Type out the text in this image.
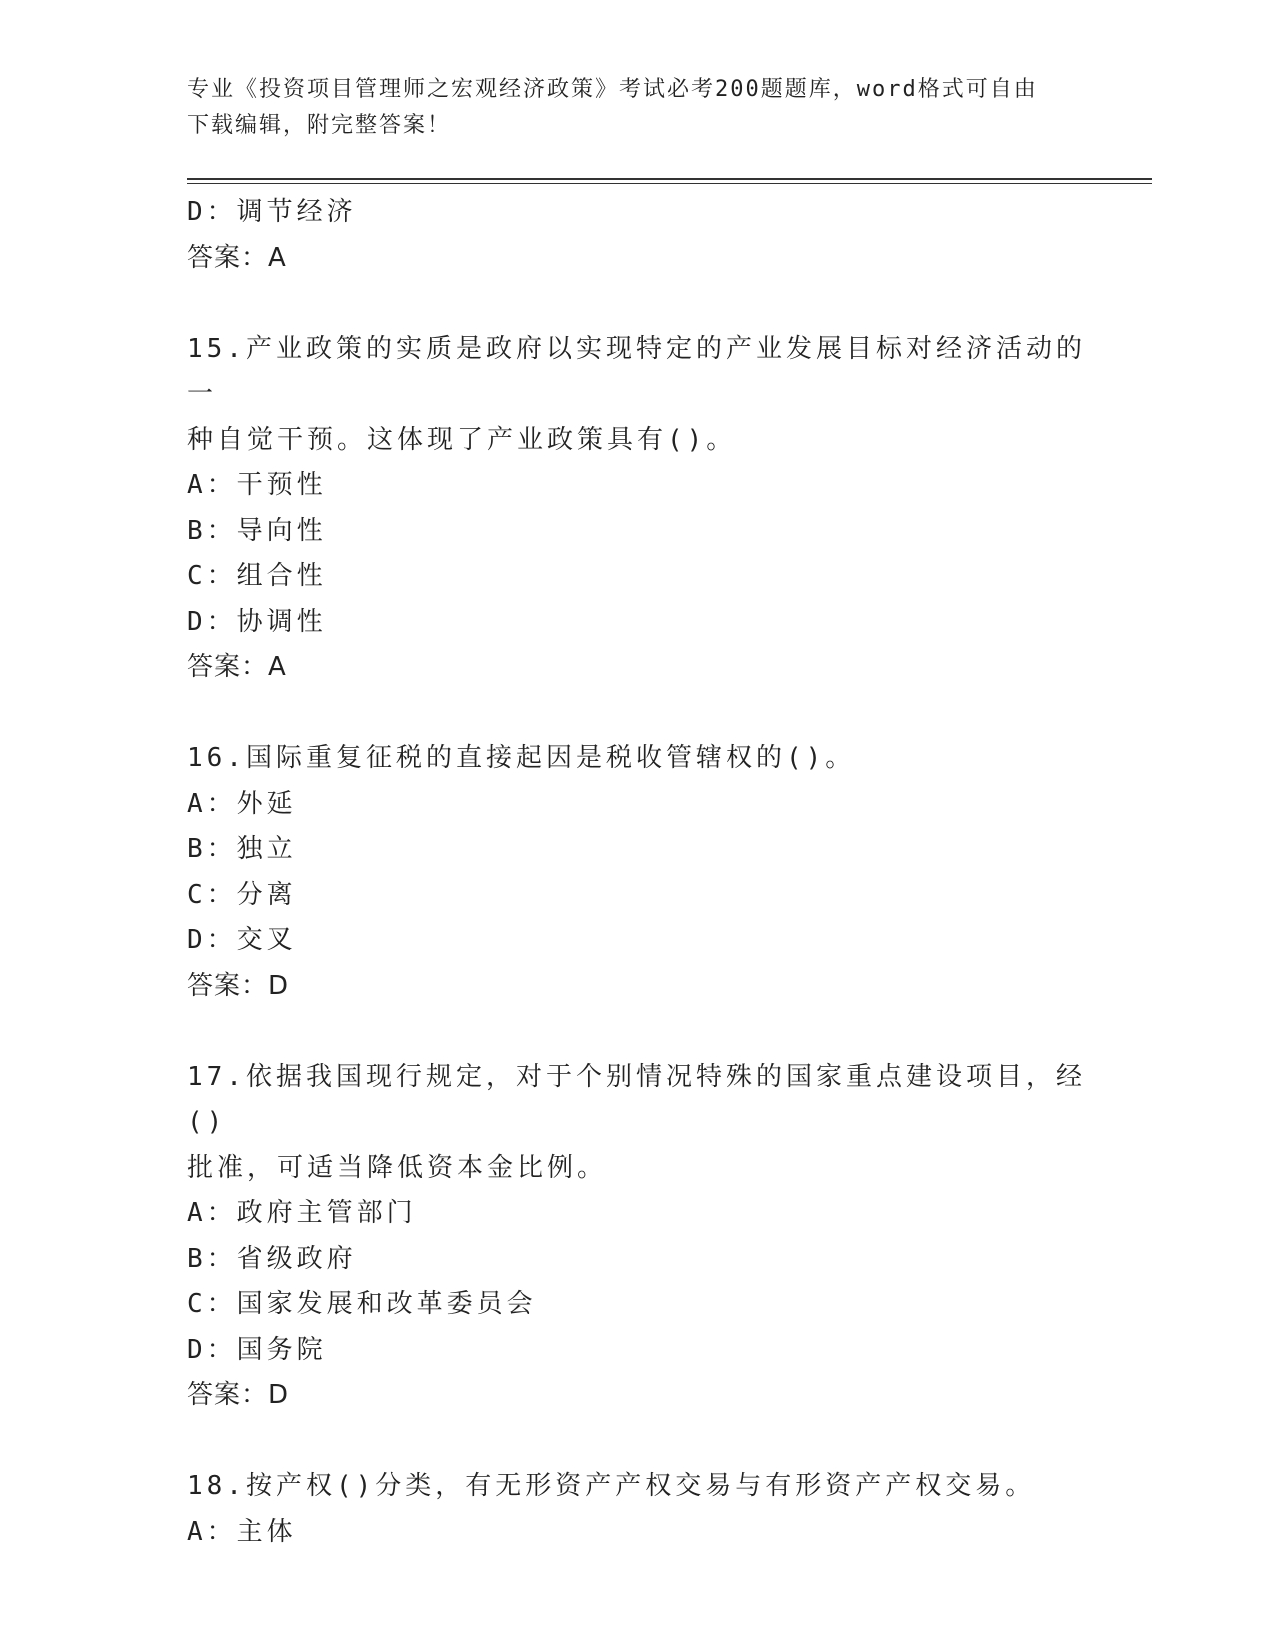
专业《投资项目管理师之宏观经济政策》考试必考200题题库，word格式可自由
下载编辑，附完整答案！

D：调节经济

答案：A

15.产业政策的实质是政府以实现特定的产业发展目标对经济活动的一

种自觉干预。这体现了产业政策具有()。

A：干预性

B：导向性

C：组合性

D：协调性

答案：A

16.国际重复征税的直接起因是税收管辖权的()。

A：外延

B：独立

C：分离

D：交叉

答案：D

17.依据我国现行规定，对于个别情况特殊的国家重点建设项目，经()

批准，可适当降低资本金比例。

A：政府主管部门

B：省级政府

C：国家发展和改革委员会

D：国务院

答案：D

18.按产权()分类，有无形资产产权交易与有形资产产权交易。

A：主体
